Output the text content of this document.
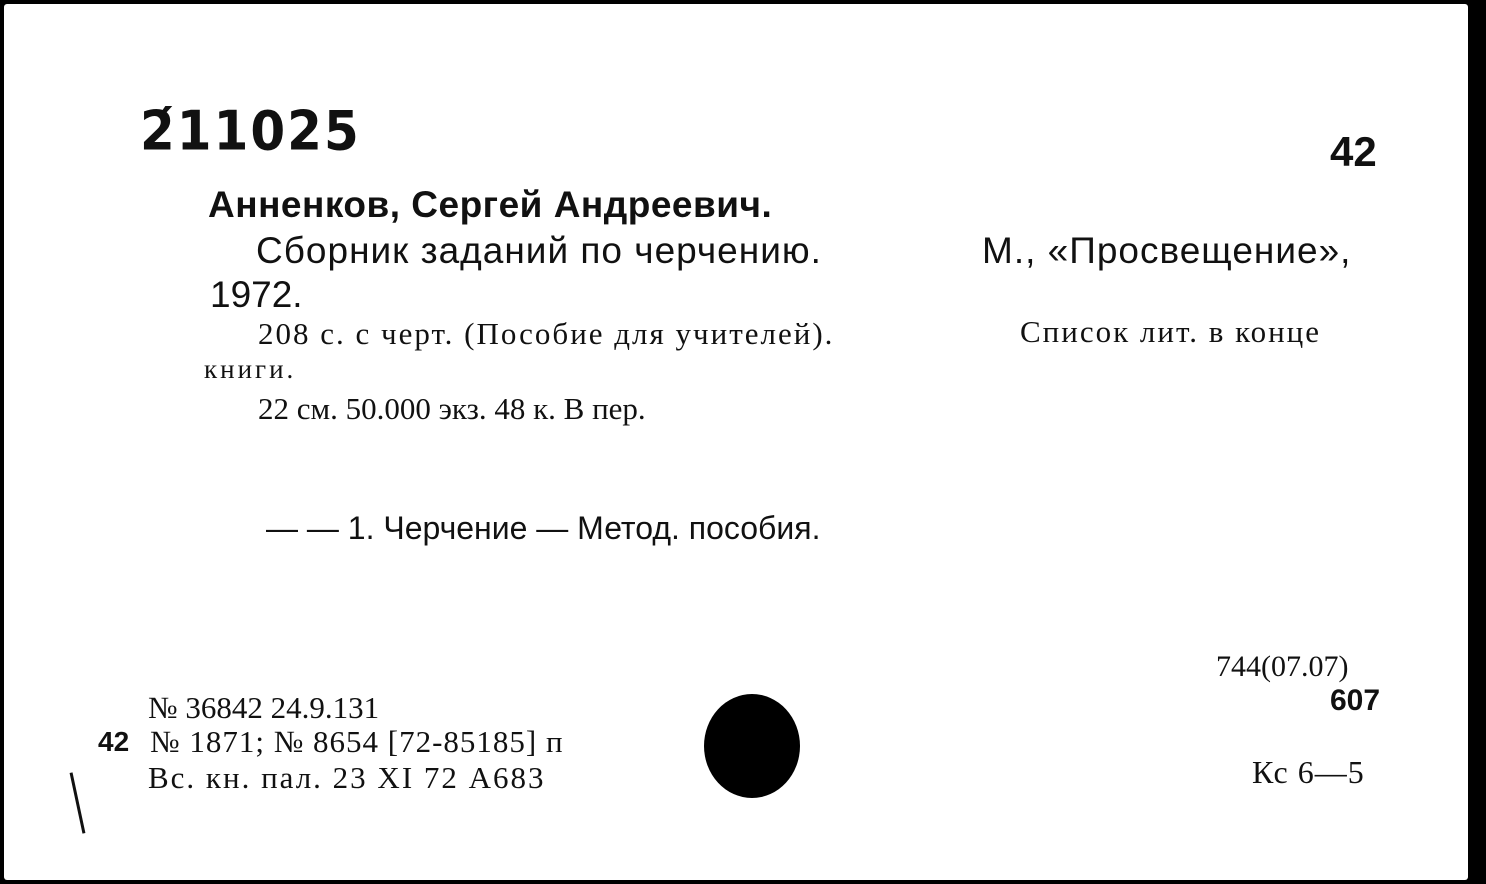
2́11025	42
Анненков, Сергей Андреевич.
Сборник заданий по черчению.	М., «Просвещение»,
1972.
208 с. с черт. (Пособие для учителей).	Список лит. в конце
книги.
22 см. 50.000 экз. 48 к. В пер.
— — 1. Черчение — Метод. пособия.
744(07.07)
607
Кс 6—5
№ 36842 24.9.131
42 № 1871; № 8654 [72-85185] п
Вс. кн. пал. 23 XI 72 А683
